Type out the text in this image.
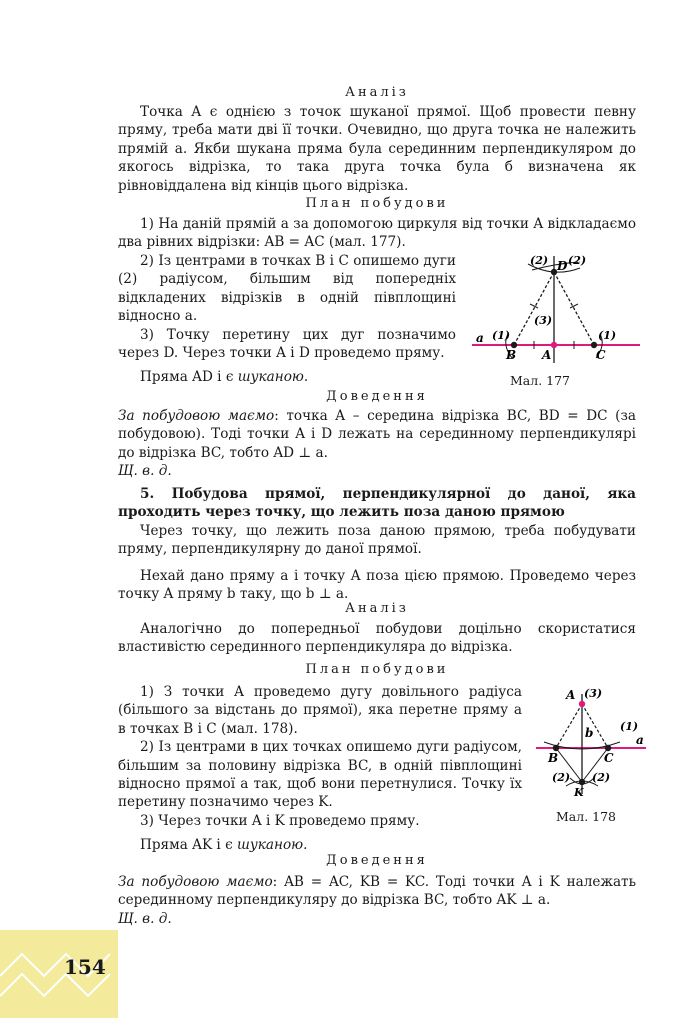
Аналіз

Точка A є однією з точок шуканої прямої. Щоб провести певну пряму, треба мати дві її точки. Очевидно, що друга точка не належить прямій a. Якби шукана пряма була серединним перпендикуляром до якогось відрізка, то така друга точка була б визначена як рівновіддалена від кінців цього відрізка.

План побудови

1) На даній прямій a за допомогою циркуля від точки A відкладаємо два рівних відрізки: AB = AC (мал. 177).

2) Із центрами в точках B і C опишемо дуги (2) радіусом, більшим від попередніх відкладених відрізків в одній півплощині відносно a.

3) Точку перетину цих дуг позначимо через D. Через точки A і D проведемо пряму.

Пряма AD і є шуканою.

(2) D (2)
(3)
a (1)	(1)
B A	C
Мал. 177
Доведення

За побудовою маємо: точка A – середина відрізка BC, BD = DC (за побудовою). Тоді точки A і D лежать на серединному перпендикулярі до відрізка BC, тобто AD ⊥ a.

Щ. в. д.

5. Побудова прямої, перпендикулярної до даної, яка проходить через точку, що лежить поза даною прямою

Через точку, що лежить поза даною прямою, треба побудувати пряму, перпендикулярну до даної прямої.

Нехай дано пряму a і точку A поза цією прямою. Проведемо через точку A пряму b таку, що b ⊥ a.

Аналіз

Аналогічно до попередньої побудови доцільно скористатися властивістю серединного перпендикуляра до відрізка.

План побудови

1) З точки A проведемо дугу довільного радіуса (більшого за відстань до прямої), яка перетне пряму a в точках B і C (мал. 178).

2) Із центрами в цих точках опишемо дуги радіусом, більшим за половину відрізка BC, в одній півплощині відносно прямої a так, щоб вони перетнулися. Точку їх перетину позначимо через K.

3) Через точки A і K проведемо пряму.

Пряма AK і є шуканою.

A (3)
b (1)
a
B	C
(2) (2)
K
Мал. 178
Доведення

За побудовою маємо: AB = AC, KB = KC. Тоді точки A і K належать серединному перпендикуляру до відрізка BC, тобто AK ⊥ a.

Щ. в. д.

154
